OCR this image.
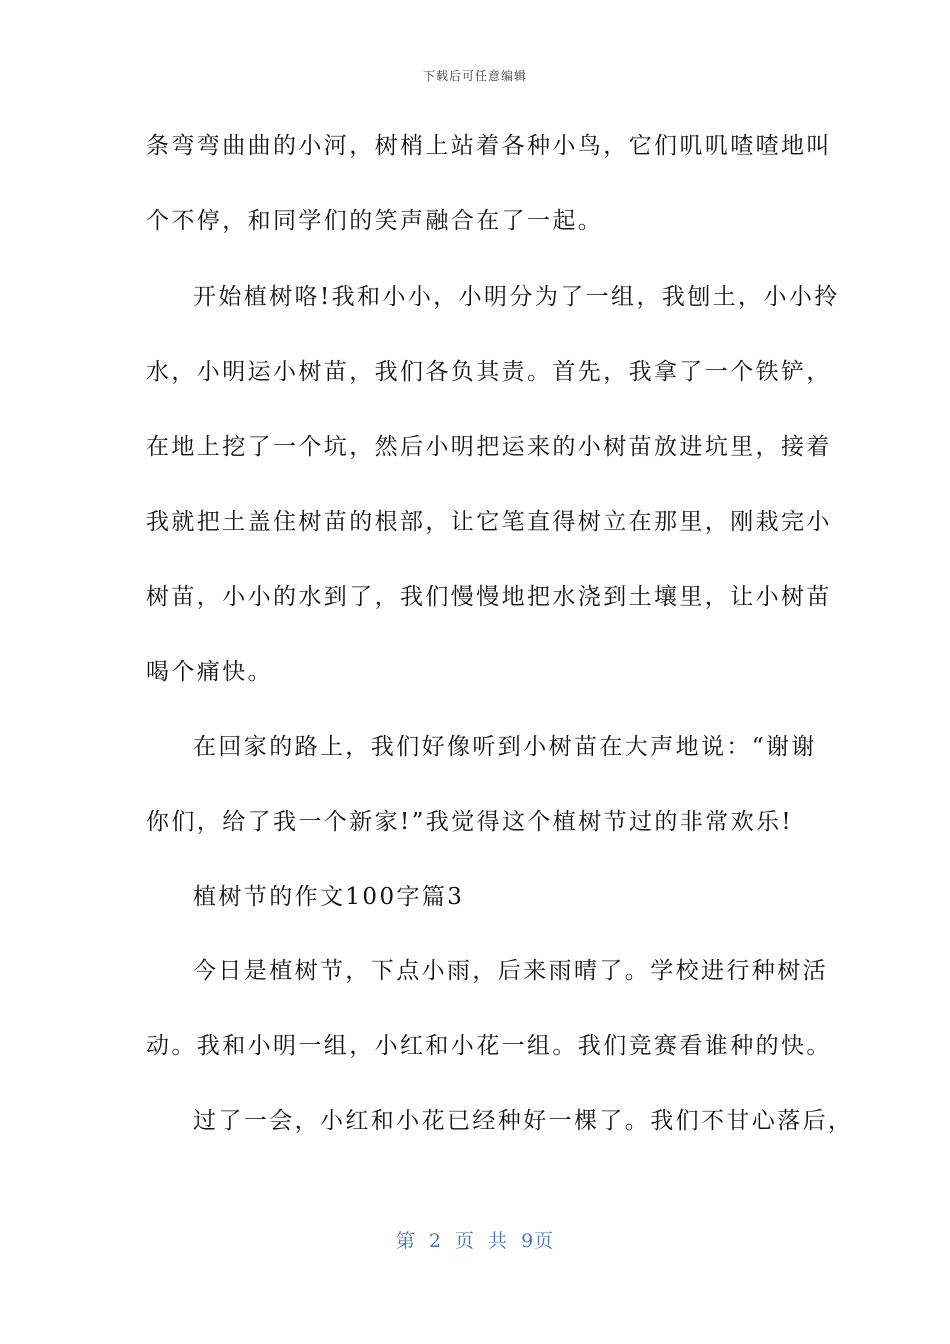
下载后可任意编辑
条弯弯曲曲的小河，树梢上站着各种小鸟，它们叽叽喳喳地叫
个不停，和同学们的笑声融合在了一起。
开始植树咯!我和小小，小明分为了一组，我刨土，小小拎
水，小明运小树苗，我们各负其责。首先，我拿了一个铁铲，
在地上挖了一个坑，然后小明把运来的小树苗放进坑里，接着
我就把土盖住树苗的根部，让它笔直得树立在那里，刚栽完小
树苗，小小的水到了，我们慢慢地把水浇到土壤里，让小树苗
喝个痛快。
在回家的路上，我们好像听到小树苗在大声地说：“谢谢
你们，给了我一个新家!”我觉得这个植树节过的非常欢乐!
植树节的作文100字篇3
今日是植树节，下点小雨，后来雨晴了。学校进行种树活
动。我和小明一组，小红和小花一组。我们竞赛看谁种的快。
过了一会，小红和小花已经种好一棵了。我们不甘心落后，
第 2 页 共 9页
